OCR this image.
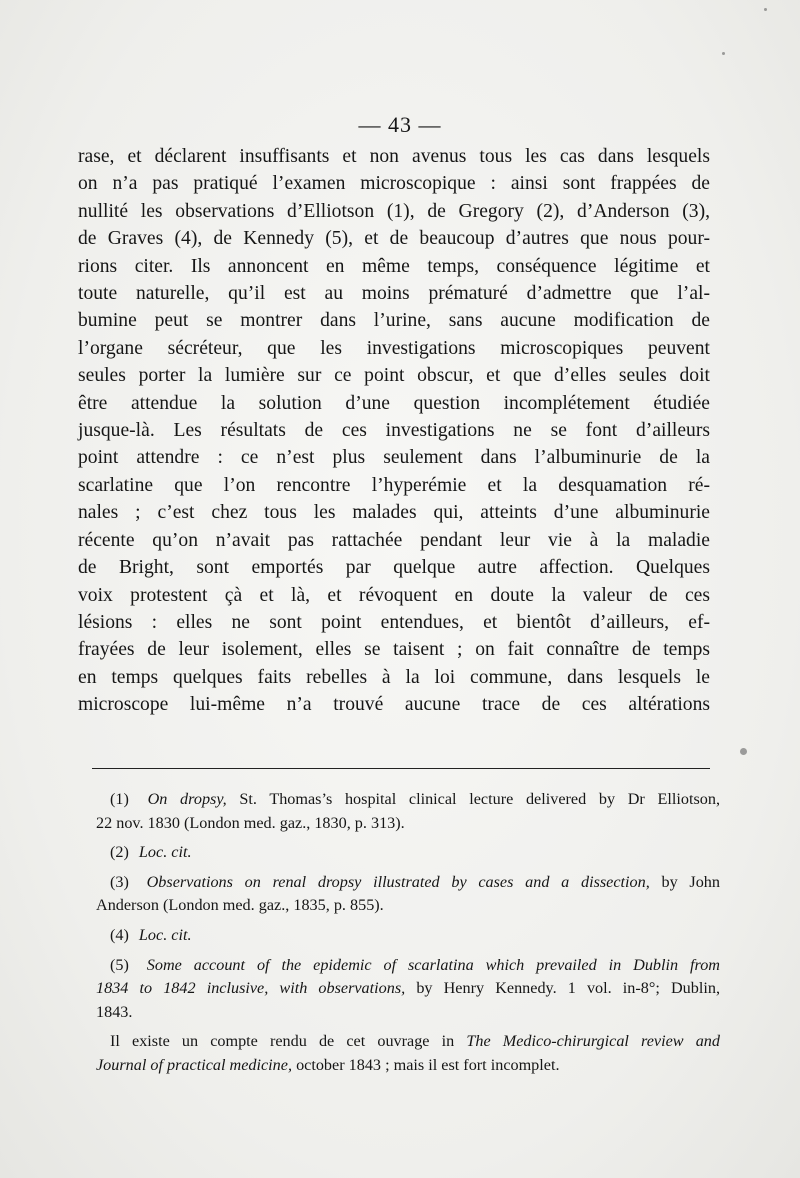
— 43 —
rase, et déclarent insuffisants et non avenus tous les cas dans lesquels
on n’a pas pratiqué l’examen microscopique : ainsi sont frappées de
nullité les observations d’Elliotson (1), de Gregory (2), d’Anderson (3),
de Graves (4), de Kennedy (5), et de beaucoup d’autres que nous pour-
rions citer. Ils annoncent en même temps, conséquence légitime et
toute naturelle, qu’il est au moins prématuré d’admettre que l’al-
bumine peut se montrer dans l’urine, sans aucune modification de
l’organe sécréteur, que les investigations microscopiques peuvent
seules porter la lumière sur ce point obscur, et que d’elles seules doit
être attendue la solution d’une question incomplétement étudiée
jusque-là. Les résultats de ces investigations ne se font d’ailleurs
point attendre : ce n’est plus seulement dans l’albuminurie de la
scarlatine que l’on rencontre l’hyperémie et la desquamation ré-
nales ; c’est chez tous les malades qui, atteints d’une albuminurie
récente qu’on n’avait pas rattachée pendant leur vie à la maladie
de Bright, sont emportés par quelque autre affection. Quelques
voix protestent çà et là, et révoquent en doute la valeur de ces
lésions : elles ne sont point entendues, et bientôt d’ailleurs, ef-
frayées de leur isolement, elles se taisent ; on fait connaître de temps
en temps quelques faits rebelles à la loi commune, dans lesquels le
microscope lui-même n’a trouvé aucune trace de ces altérations
(1) On dropsy, St. Thomas’s hospital clinical lecture delivered by Dr Elliotson,
22 nov. 1830 (London med. gaz., 1830, p. 313).
(2) Loc. cit.
(3) Observations on renal dropsy illustrated by cases and a dissection, by John
Anderson (London med. gaz., 1835, p. 855).
(4) Loc. cit.
(5) Some account of the epidemic of scarlatina which prevailed in Dublin from
1834 to 1842 inclusive, with observations, by Henry Kennedy. 1 vol. in-8°; Dublin,
1843.
Il existe un compte rendu de cet ouvrage in The Medico-chirurgical review and
Journal of practical medicine, october 1843 ; mais il est fort incomplet.
